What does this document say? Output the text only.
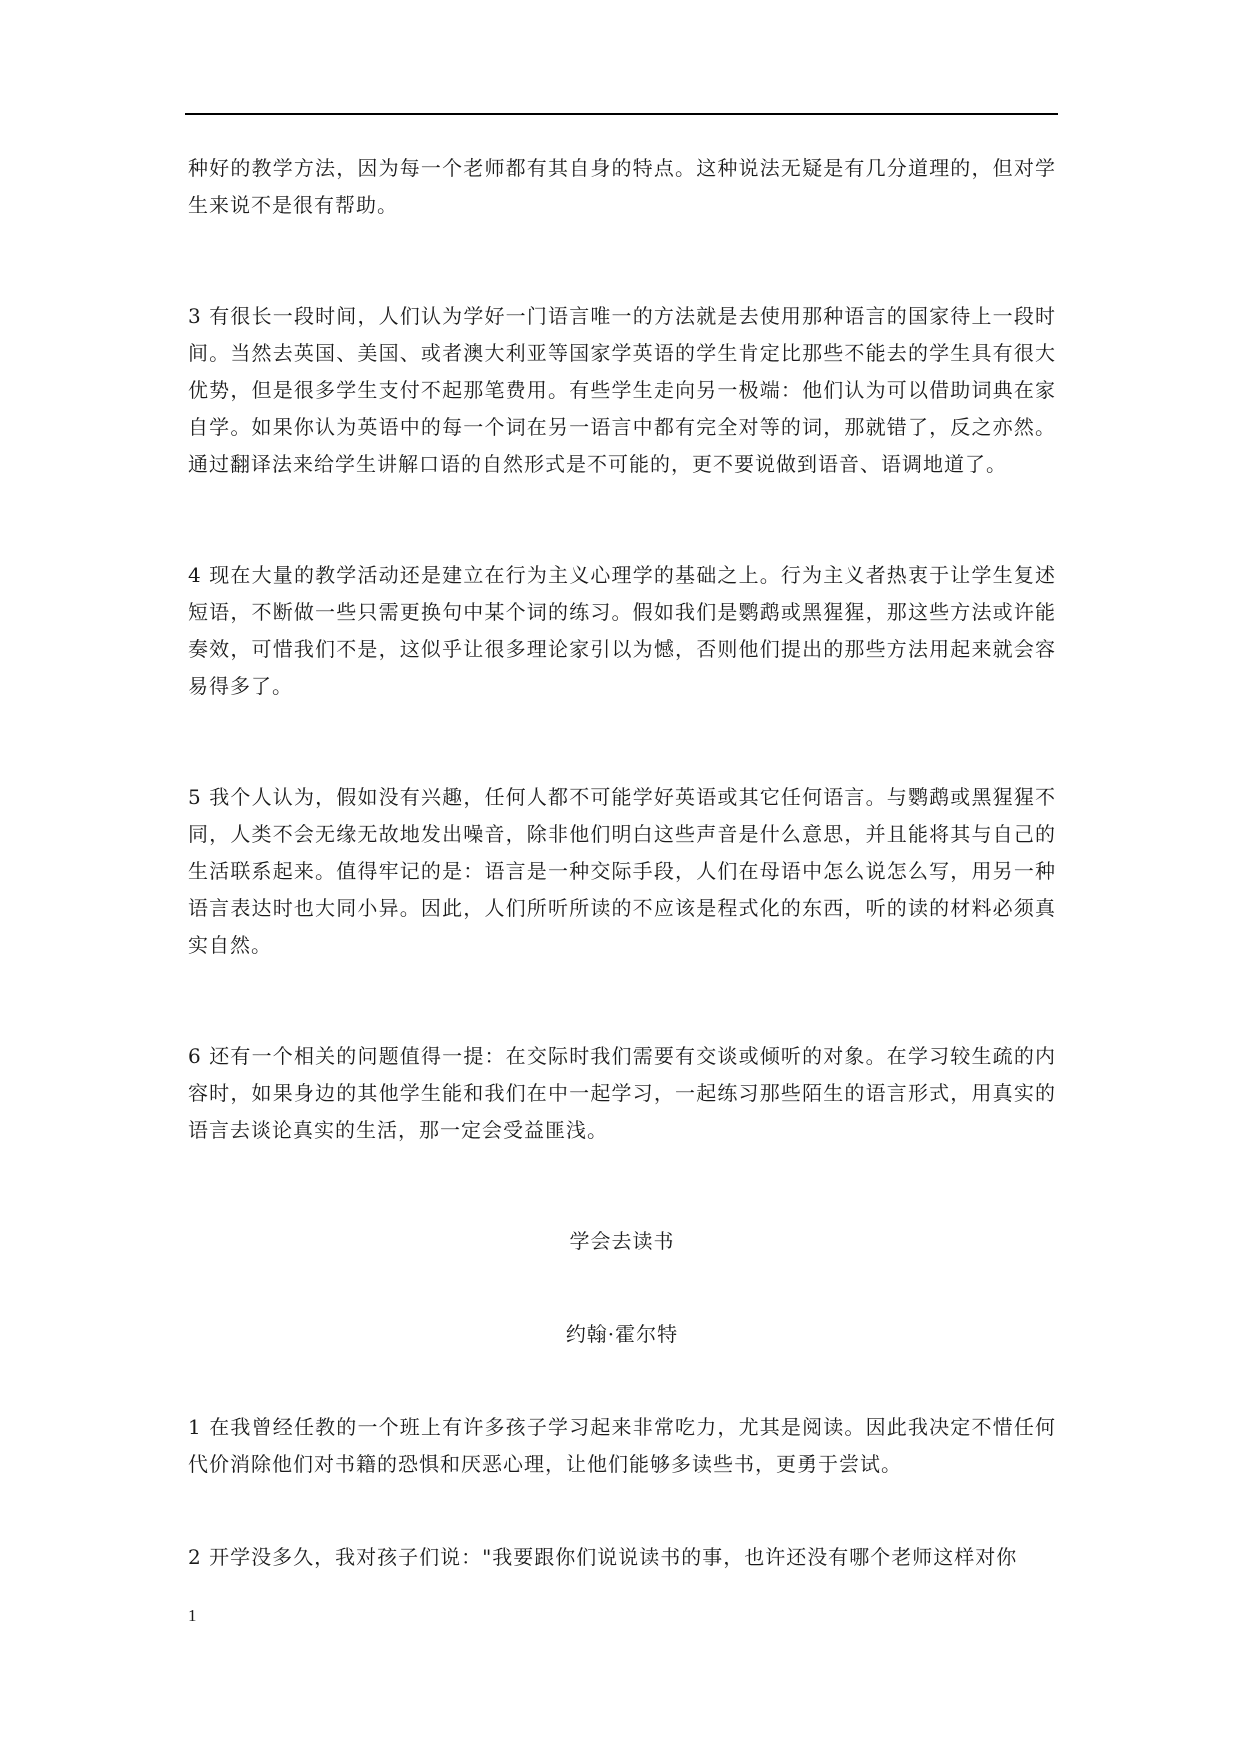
种好的教学方法，因为每一个老师都有其自身的特点。这种说法无疑是有几分道理的，但对学生来说不是很有帮助。

3 有很长一段时间，人们认为学好一门语言唯一的方法就是去使用那种语言的国家待上一段时间。当然去英国、美国、或者澳大利亚等国家学英语的学生肯定比那些不能去的学生具有很大优势，但是很多学生支付不起那笔费用。有些学生走向另一极端：他们认为可以借助词典在家自学。如果你认为英语中的每一个词在另一语言中都有完全对等的词，那就错了，反之亦然。通过翻译法来给学生讲解口语的自然形式是不可能的，更不要说做到语音、语调地道了。

4 现在大量的教学活动还是建立在行为主义心理学的基础之上。行为主义者热衷于让学生复述短语，不断做一些只需更换句中某个词的练习。假如我们是鹦鹉或黑猩猩，那这些方法或许能奏效，可惜我们不是，这似乎让很多理论家引以为憾，否则他们提出的那些方法用起来就会容易得多了。

5 我个人认为，假如没有兴趣，任何人都不可能学好英语或其它任何语言。与鹦鹉或黑猩猩不同，人类不会无缘无故地发出噪音，除非他们明白这些声音是什么意思，并且能将其与自己的生活联系起来。值得牢记的是：语言是一种交际手段，人们在母语中怎么说怎么写，用另一种语言表达时也大同小异。因此，人们所听所读的不应该是程式化的东西，听的读的材料必须真实自然。

6 还有一个相关的问题值得一提：在交际时我们需要有交谈或倾听的对象。在学习较生疏的内容时，如果身边的其他学生能和我们在中一起学习，一起练习那些陌生的语言形式，用真实的语言去谈论真实的生活，那一定会受益匪浅。

学会去读书

约翰·霍尔特

1 在我曾经任教的一个班上有许多孩子学习起来非常吃力，尤其是阅读。因此我决定不惜任何代价消除他们对书籍的恐惧和厌恶心理，让他们能够多读些书，更勇于尝试。

2 开学没多久，我对孩子们说："我要跟你们说说读书的事，也许还没有哪个老师这样对你

1
